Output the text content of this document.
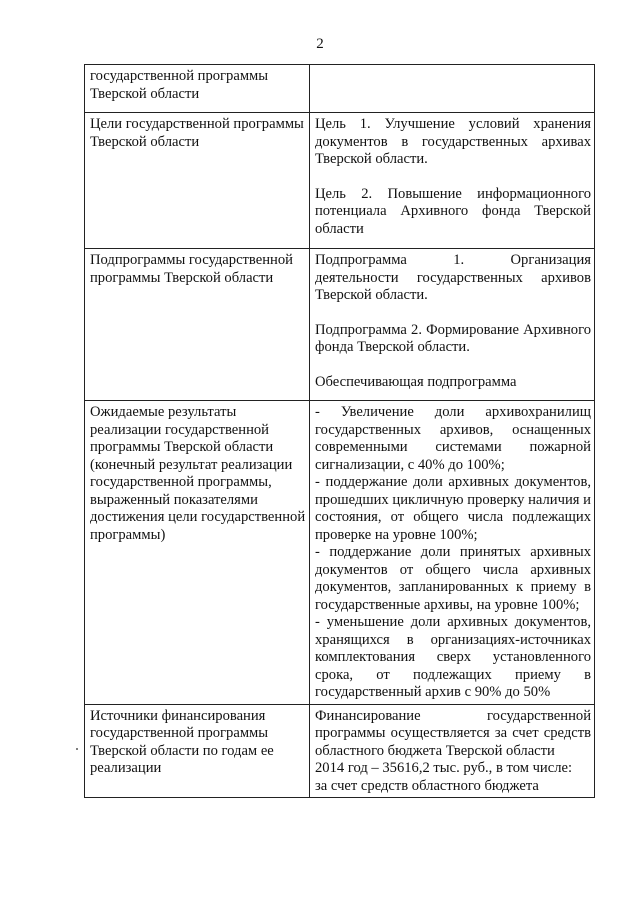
2
государственной программы Тверской области	
Цели государственной программы Тверской области	Цель 1. Улучшение условий хранения документов в государственных архивах Тверской области.
Цель 2. Повышение информационного потенциала Архивного фонда Тверской области

Подпрограммы государственной программы Тверской области	Подпрограмма 1. Организация деятельности государственных архивов Тверской области.
Подпрограмма 2. Формирование Архивного фонда Тверской области.
Обеспечивающая подпрограмма

Ожидаемые результаты реализации государственной программы Тверской области (конечный результат реализации государственной программы, выраженный показателями достижения цели государственной программы)	- Увеличение доли архивохранилищ государственных архивов, оснащенных современными системами пожарной сигнализации, с 40% до 100%;
- поддержание доли архивных документов, прошедших цикличную проверку наличия и состояния, от общего числа подлежащих проверке на уровне 100%;
- поддержание доли принятых архивных документов от общего числа архивных документов, запланированных к приему в государственные архивы, на уровне 100%;
- уменьшение доли архивных документов, хранящихся в организациях-источниках комплектования сверх установленного срока, от подлежащих приему в государственный архив с 90% до 50%

Источники финансирования государственной программы Тверской области по годам ее реализации	Финансирование государственной программы осуществляется за счет средств областного бюджета Тверской области
2014 год – 35616,2 тыс. руб., в том числе:
за счет средств областного бюджета
